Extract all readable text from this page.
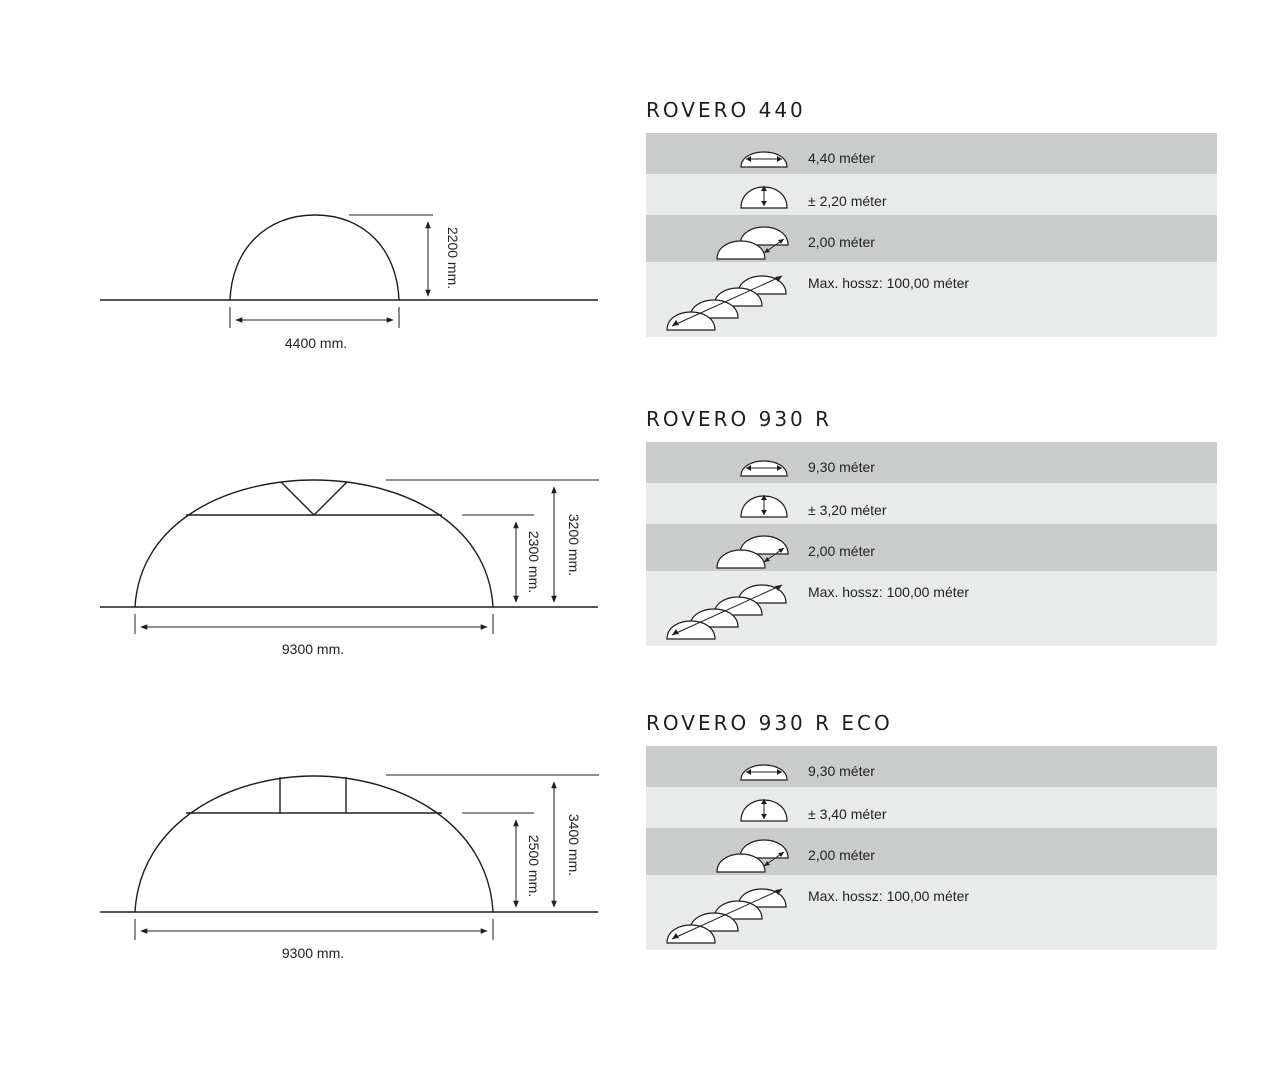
4400 mm.
2200 mm.
9300 mm.
2300 mm. 3200 mm.
9300 mm.
2500 mm. 3400 mm.
ROVERO 440
ROVERO 930 R
ROVERO 930 R ECO
4,40 méter
± 2,20 méter
2,00 méter
Max. hossz: 100,00 méter
9,30 méter
± 3,20 méter
2,00 méter
Max. hossz: 100,00 méter
9,30 méter
± 3,40 méter
2,00 méter
Max. hossz: 100,00 méter
